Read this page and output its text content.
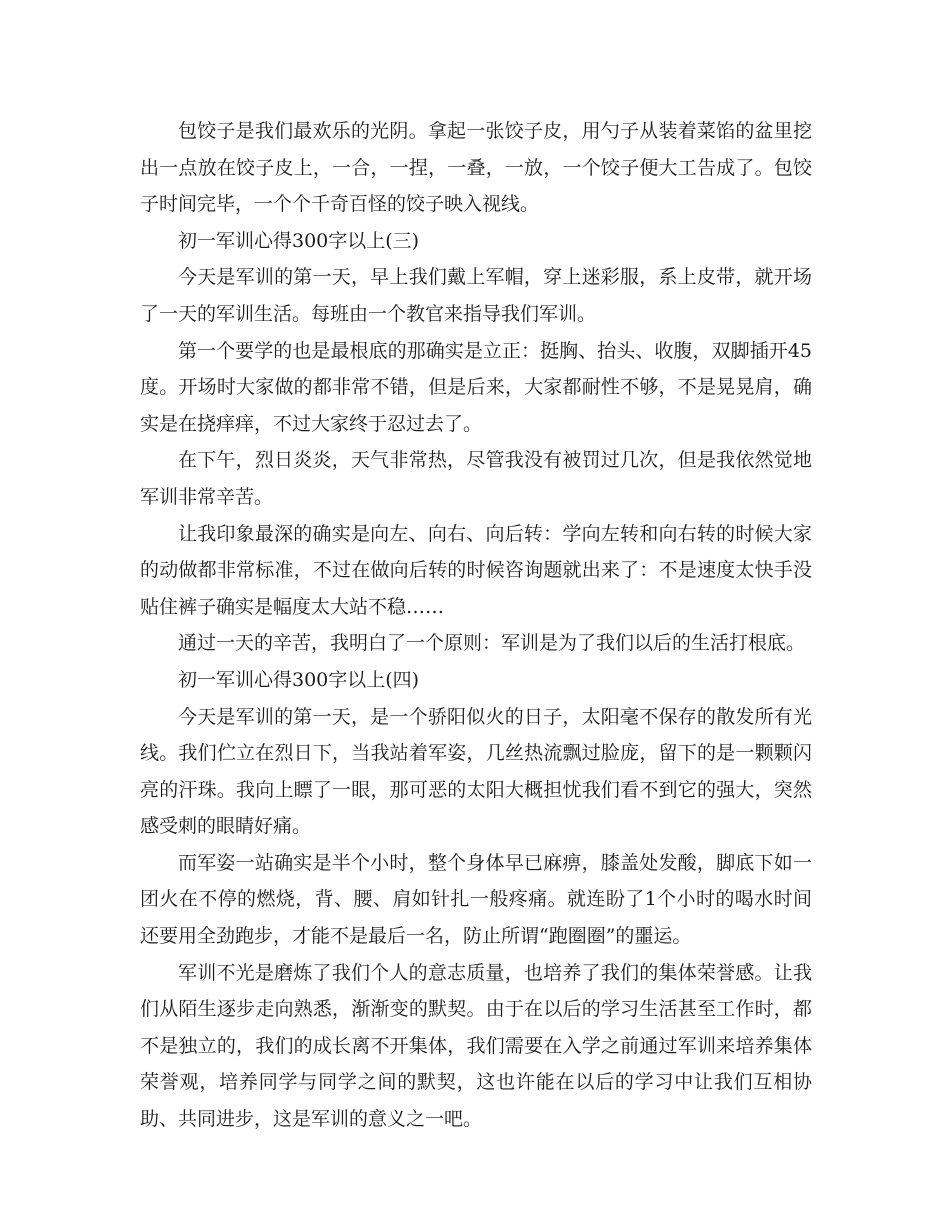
包饺子是我们最欢乐的光阴。拿起一张饺子皮，用勺子从装着菜馅的盆里挖出一点放在饺子皮上，一合，一捏，一叠，一放，一个饺子便大工告成了。包饺子时间完毕，一个个千奇百怪的饺子映入视线。

初一军训心得300字以上(三)

今天是军训的第一天，早上我们戴上军帽，穿上迷彩服，系上皮带，就开场了一天的军训生活。每班由一个教官来指导我们军训。

第一个要学的也是最根底的那确实是立正：挺胸、抬头、收腹，双脚插开45度。开场时大家做的都非常不错，但是后来，大家都耐性不够，不是晃晃肩，确实是在挠痒痒，不过大家终于忍过去了。

在下午，烈日炎炎，天气非常热，尽管我没有被罚过几次，但是我依然觉地军训非常辛苦。

让我印象最深的确实是向左、向右、向后转：学向左转和向右转的时候大家的动做都非常标准，不过在做向后转的时候咨询题就出来了：不是速度太快手没贴住裤子确实是幅度太大站不稳……

通过一天的辛苦，我明白了一个原则：军训是为了我们以后的生活打根底。

初一军训心得300字以上(四)

今天是军训的第一天，是一个骄阳似火的日子，太阳毫不保存的散发所有光线。我们伫立在烈日下，当我站着军姿，几丝热流飘过脸庞，留下的是一颗颗闪亮的汗珠。我向上瞟了一眼，那可恶的太阳大概担忧我们看不到它的强大，突然感受刺的眼睛好痛。

而军姿一站确实是半个小时，整个身体早已麻痹，膝盖处发酸，脚底下如一团火在不停的燃烧，背、腰、肩如针扎一般疼痛。就连盼了1个小时的喝水时间还要用全劲跑步，才能不是最后一名，防止所谓“跑圈圈”的噩运。

军训不光是磨炼了我们个人的意志质量，也培养了我们的集体荣誉感。让我们从陌生逐步走向熟悉，渐渐变的默契。由于在以后的学习生活甚至工作时，都不是独立的，我们的成长离不开集体，我们需要在入学之前通过军训来培养集体荣誉观，培养同学与同学之间的默契，这也许能在以后的学习中让我们互相协助、共同进步，这是军训的意义之一吧。
